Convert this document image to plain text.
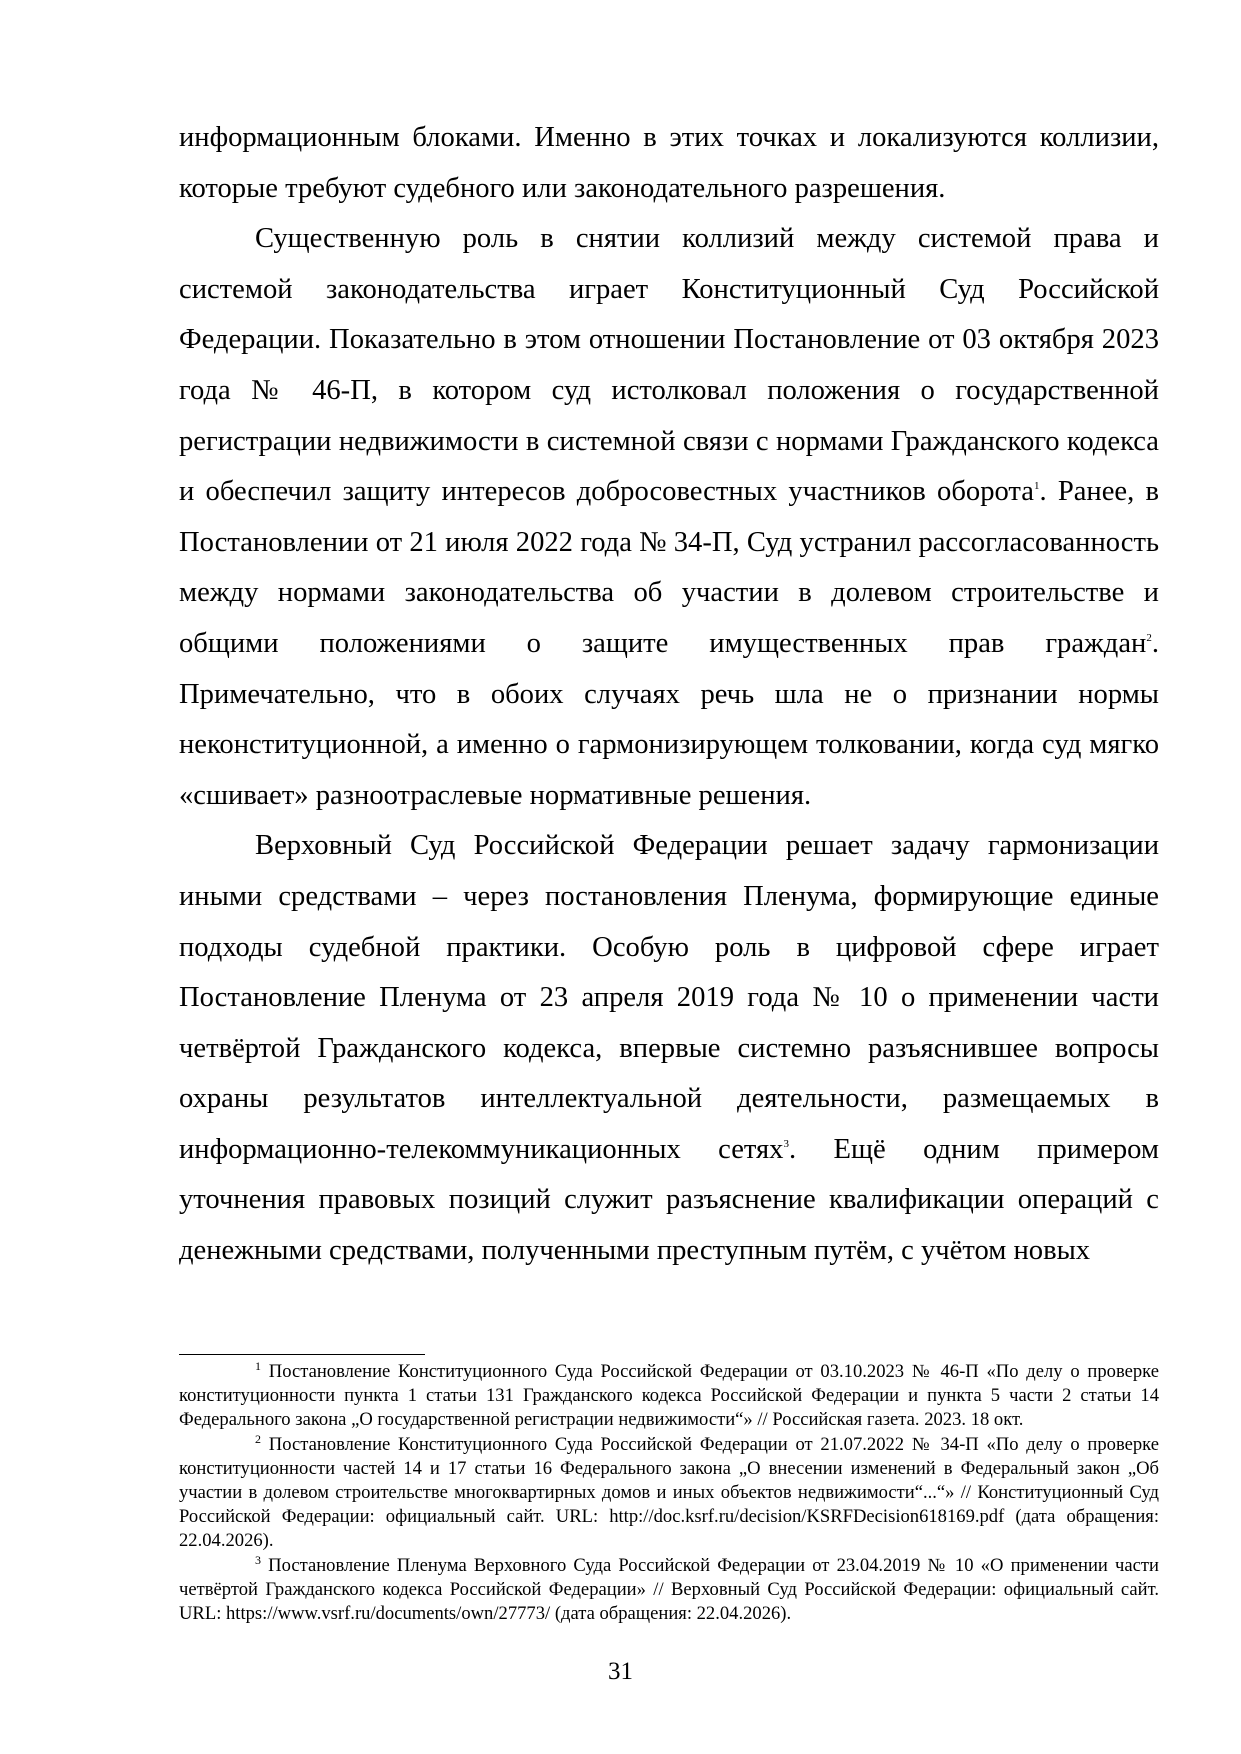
информационным блоками. Именно в этих точках и локализуются коллизии, которые требуют судебного или законодательного разрешения.

Существенную роль в снятии коллизий между системой права и системой законодательства играет Конституционный Суд Российской Федерации. Показательно в этом отношении Постановление от 03 октября 2023 года № 46-П, в котором суд истолковал положения о государственной регистрации недвижимости в системной связи с нормами Гражданского кодекса и обеспечил защиту интересов добросовестных участников оборота$^1$. Ранее, в Постановлении от 21 июля 2022 года № 34-П, Суд устранил рассогласованность между нормами законодательства об участии в долевом строительстве и общими положениями о защите имущественных прав граждан$^2$. Примечательно, что в обоих случаях речь шла не о признании нормы неконституционной, а именно о гармонизирующем толковании, когда суд мягко «сшивает» разноотраслевые нормативные решения.

Верховный Суд Российской Федерации решает задачу гармонизации иными средствами – через постановления Пленума, формирующие единые подходы судебной практики. Особую роль в цифровой сфере играет Постановление Пленума от 23 апреля 2019 года № 10 о применении части четвёртой Гражданского кодекса, впервые системно разъяснившее вопросы охраны результатов интеллектуальной деятельности, размещаемых в информационно-телекоммуникационных сетях$^3$. Ещё одним примером уточнения правовых позиций служит разъяснение квалификации операций с денежными средствами, полученными преступным путём, с учётом новых

$^1$ Постановление Конституционного Суда Российской Федерации от 03.10.2023 № 46-П «По делу о проверке конституционности пункта 1 статьи 131 Гражданского кодекса Российской Федерации и пункта 5 части 2 статьи 14 Федерального закона „О государственной регистрации недвижимости“» // Российская газета. 2023. 18 окт.

$^2$ Постановление Конституционного Суда Российской Федерации от 21.07.2022 № 34-П «По делу о проверке конституционности частей 14 и 17 статьи 16 Федерального закона „О внесении изменений в Федеральный закон „Об участии в долевом строительстве многоквартирных домов и иных объектов недвижимости“...“» // Конституционный Суд Российской Федерации: официальный сайт. URL: http://doc.ksrf.ru/decision/KSRFDecision618169.pdf (дата обращения: 22.04.2026).

$^3$ Постановление Пленума Верховного Суда Российской Федерации от 23.04.2019 № 10 «О применении части четвёртой Гражданского кодекса Российской Федерации» // Верховный Суд Российской Федерации: официальный сайт. URL: https://www.vsrf.ru/documents/own/27773/ (дата обращения: 22.04.2026).

31
